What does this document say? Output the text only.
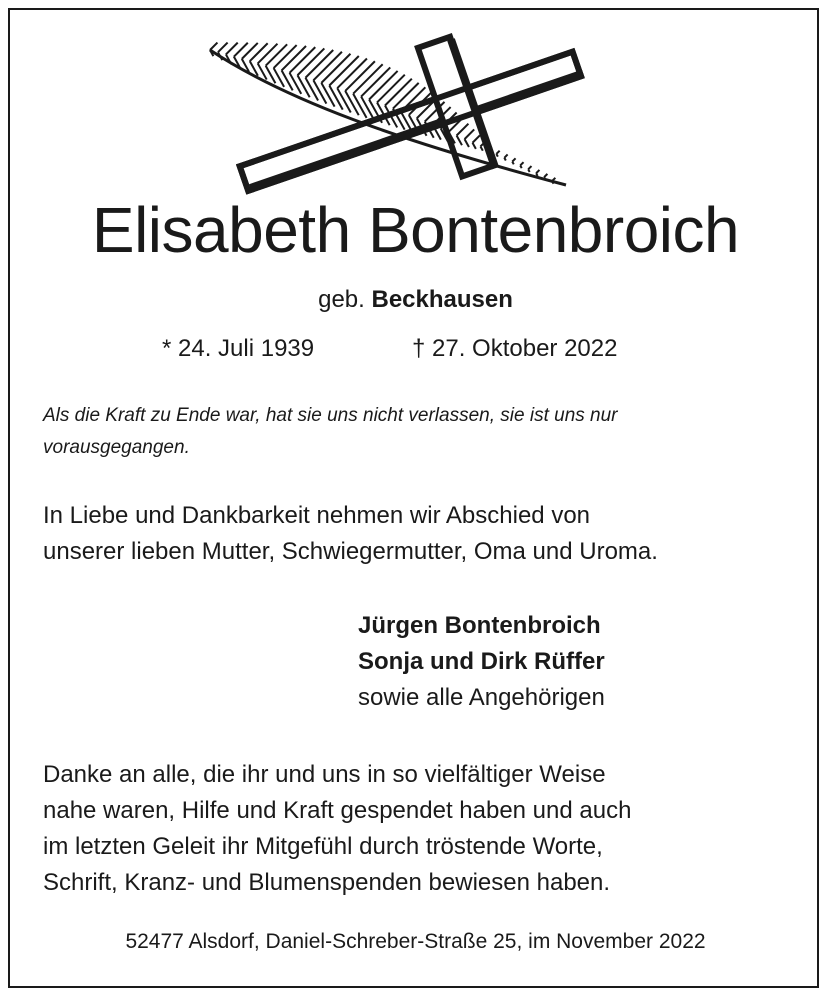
Elisabeth Bontenbroich
geb. Beckhausen
* 24. Juli 1939	† 27. Oktober 2022
Als die Kraft zu Ende war, hat sie uns nicht verlassen, sie ist uns nur
vorausgegangen.
In Liebe und Dankbarkeit nehmen wir Abschied von
unserer lieben Mutter, Schwiegermutter, Oma und Uroma.
Jürgen Bontenbroich
Sonja und Dirk Rüffer
sowie alle Angehörigen
Danke an alle, die ihr und uns in so vielfältiger Weise
nahe waren, Hilfe und Kraft gespendet haben und auch
im letzten Geleit ihr Mitgefühl durch tröstende Worte,
Schrift, Kranz- und Blumenspenden bewiesen haben.
52477 Alsdorf, Daniel-Schreber-Straße 25, im November 2022
